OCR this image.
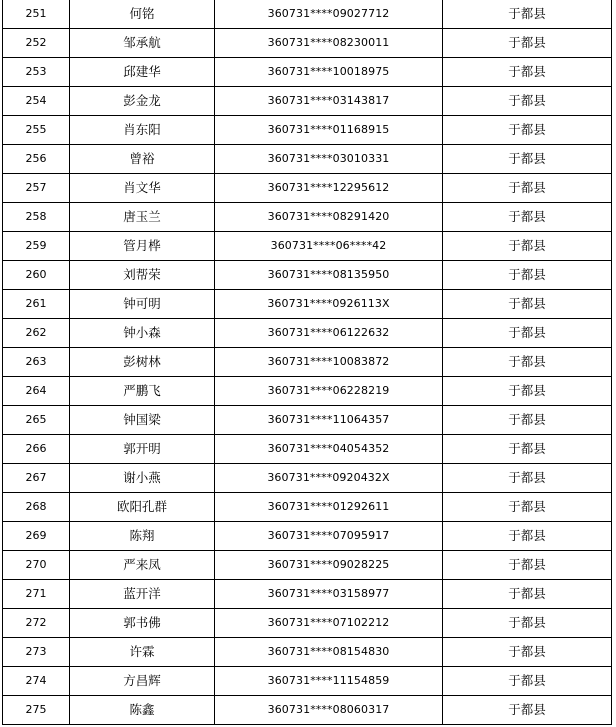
251	何铭	360731****09027712	于都县
252	邹承航	360731****08230011	于都县
253	邱建华	360731****10018975	于都县
254	彭金龙	360731****03143817	于都县
255	肖东阳	360731****01168915	于都县
256	曾裕	360731****03010331	于都县
257	肖文华	360731****12295612	于都县
258	唐玉兰	360731****08291420	于都县
259	管月桦	360731****06****42	于都县
260	刘帮荣	360731****08135950	于都县
261	钟可明	360731****0926113X	于都县
262	钟小森	360731****06122632	于都县
263	彭树林	360731****10083872	于都县
264	严鹏飞	360731****06228219	于都县
265	钟国梁	360731****11064357	于都县
266	郭开明	360731****04054352	于都县
267	谢小燕	360731****0920432X	于都县
268	欧阳孔群	360731****01292611	于都县
269	陈翔	360731****07095917	于都县
270	严来凤	360731****09028225	于都县
271	蓝开洋	360731****03158977	于都县
272	郭书佛	360731****07102212	于都县
273	许霖	360731****08154830	于都县
274	方昌辉	360731****11154859	于都县
275	陈鑫	360731****08060317	于都县
